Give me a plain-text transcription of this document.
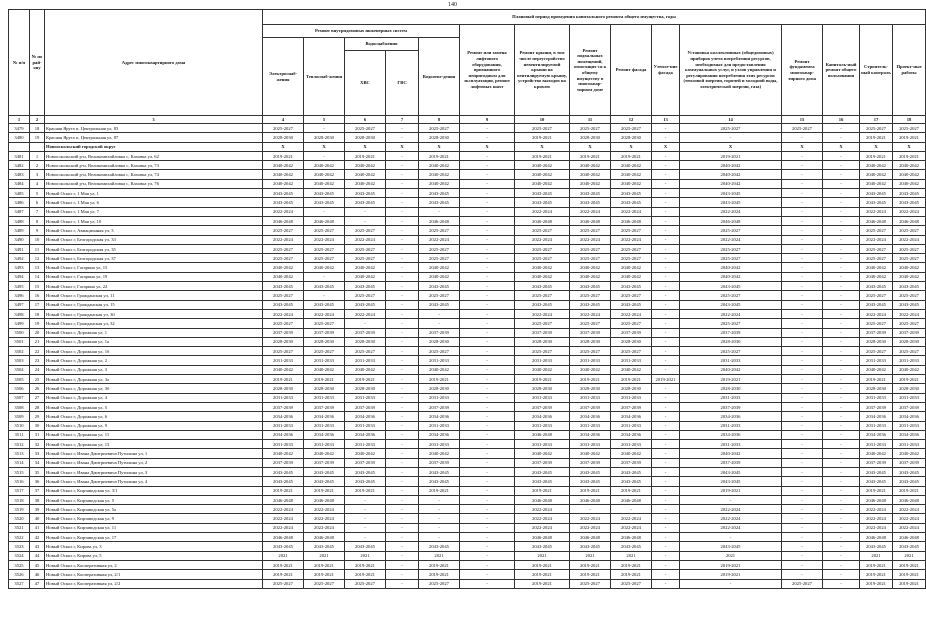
140
№ п/п	№ по рай-ону	Адрес многоквартирного дома	Плановый период проведения капитального ремонта общего имущества, годы														
			Ремонт внутридомовых инженерных систем					Ремонт или замена лифтового оборудования, признанного непригодным для эксплуатации, ремонт лифтовых шахт	Ремонт крыши, в том числе переустройство невентилируемой крыши на вентилируемую крышу, устройство выходов на кровлю	Ремонт подвальных помещений, относящих-ся к общему имуществу в многоквар-тирном доме	Ремонт фасада	Утепле-ние фасада	Установка коллективных (общедомовых) приборов учета потребления ресурсов, необходимых для предоставления коммунальных услуг, и узлов управления и регулирования потребления этих ресурсов (тепловой энергии, горячей и холодной воды, электрической энергии, газа)	Ремонт фундамента многоквар-тирного дома	Капиталь-ный ремонт общего пользования	Строитель-ный контроль	Проект-ные работы
			Электроснаб-жения	Теплоснаб-жения	Водоснабжения		Водоотве-дения										
					ХВС	ГВС											
1	2	3	4	5	6	7	8	9	10	11	12	13	14	15	16	17	18
3479	18	Красная Яруга п, Центральная ул, 83	2025-2027	-	2025-2027	-	2025-2027	-	2025-2027	2025-2027	2025-2027	-	2025-2027	2025-2027	-	2025-2027	2025-2027
3480	19	Красная Яруга п, Центральная ул, 87	2028-2030	2028-2030	2028-2030	-	2028-2030	-	2019-2021	2028-2030	2028-2030	-	-	-	-	2019-2021	2019-2021
		Новооскольский городской округ	X	X	X	X	X	X	X	X	X	X	X	X	X	X	X
3481	1	Новооскольский р-н, Великомихайловка с, Каховка ул, 62	2019-2021	-	2019-2021	-	2019-2021	-	2019-2021	2019-2021	2019-2021	-	2019-2021	-	-	2019-2021	2019-2021
3482	2	Новооскольский р-н, Великомихайловка с, Каховка ул, 73	2040-2042	2040-2042	2040-2042	-	2040-2042	-	2040-2042	2040-2042	2040-2042	-	2040-2042	-	-	2040-2042	2040-2042
3483	3	Новооскольский р-н, Великомихайловка с, Каховка ул, 74	2040-2042	2040-2042	2040-2042	-	2040-2042	-	2040-2042	2040-2042	2040-2042	-	2040-2042	-	-	2040-2042	2040-2042
3484	4	Новооскольский р-н, Великомихайловка с, Каховка ул, 76	2040-2042	2040-2042	2040-2042	-	2040-2042	-	2040-2042	2040-2042	2040-2042	-	2040-2042	-	-	2040-2042	2040-2042
3485	5	Новый Оскол г, 1 Мая ул, 1	2043-2045	2043-2045	2043-2045	-	2043-2045	-	2043-2045	2043-2045	2043-2045	-	2043-2045	-	-	2043-2045	2043-2045
3486	6	Новый Оскол г, 1 Мая ул, 6	2043-2045	2043-2045	2043-2045	-	2043-2045	-	2043-2045	2043-2045	2043-2045	-	2043-2045	-	-	2043-2045	2043-2045
3487	7	Новый Оскол г, 1 Мая ул, 7	2022-2024	-	-	-	-	-	2022-2024	2022-2024	2022-2024	-	2022-2024	-	-	2022-2024	2022-2024
3488	8	Новый Оскол г, 1 Мая ул, 10	2046-2048	2046-2048	-	-	2046-2048	-	2046-2048	2046-2048	2046-2048	-	2046-2048	-	-	2046-2048	2046-2048
3489	9	Новый Оскол г, Авиационная ул, 3	2025-2027	2025-2027	2025-2027	-	2025-2027	-	2025-2027	2025-2027	2025-2027	-	2025-2027	-	-	2025-2027	2025-2027
3490	10	Новый Оскол г, Белгородская ул, 33	2022-2024	2022-2024	2022-2024	-	2022-2024	-	2022-2024	2022-2024	2022-2024	-	2022-2024	-	-	2022-2024	2022-2024
3491	11	Новый Оскол г, Белгородская ул, 35	2025-2027	2025-2027	2025-2027	-	2025-2027	-	2025-2027	2025-2027	2025-2027	-	2025-2027	-	-	2025-2027	2025-2027
3492	12	Новый Оскол г, Белгородская ул, 37	2025-2027	2025-2027	2025-2027	-	2025-2027	-	2025-2027	2025-2027	2025-2027	-	2025-2027	-	-	2025-2027	2025-2027
3493	13	Новый Оскол г, Гагарина ул, 15	2040-2042	2040-2042	2040-2042	-	2040-2042	-	2040-2042	2040-2042	2040-2042	-	2040-2042	-	-	2040-2042	2040-2042
3494	14	Новый Оскол г, Гагарина ул, 19	2040-2042	-	2040-2042	-	2040-2042	-	2040-2042	2040-2042	2040-2042	-	2040-2042	-	-	2040-2042	2040-2042
3495	15	Новый Оскол г, Гагарина ул, 22	2043-2045	2043-2045	2043-2045	-	2043-2045	-	2043-2045	2043-2045	2043-2045	-	2043-2045	-	-	2043-2045	2043-2045
3496	16	Новый Оскол г, Гражданская ул, 11	2025-2027	-	2025-2027	-	2025-2027	-	2025-2027	2025-2027	2025-2027	-	2025-2027	-	-	2025-2027	2025-2027
3497	17	Новый Оскол г, Гражданская ул, 15	2043-2045	2043-2045	2043-2045	-	2043-2045	-	2043-2045	2043-2045	2043-2045	-	2043-2045	-	-	2043-2045	2043-2045
3498	18	Новый Оскол г, Гражданская ул, 30	2022-2024	2022-2024	2022-2024	-	-	-	2022-2024	2022-2024	2022-2024	-	2022-2024	-	-	2022-2024	2022-2024
3499	19	Новый Оскол г, Гражданская ул, 32	2025-2027	2025-2027	-	-	-	-	2025-2027	2025-2027	2025-2027	-	2025-2027	-	-	2025-2027	2025-2027
3500	20	Новый Оскол г, Дорожная ул, 1	2037-2039	2037-2039	2037-2039	-	2037-2039	-	2037-2039	2037-2039	2037-2039	-	2037-2039	-	-	2037-2039	2037-2039
3501	21	Новый Оскол г, Дорожная ул, 1а	2028-2030	2028-2030	2028-2030	-	2028-2030	-	2028-2030	2028-2030	2028-2030	-	2028-2030	-	-	2028-2030	2028-2030
3502	22	Новый Оскол г, Дорожная ул, 1б	2025-2027	2025-2027	2025-2027	-	2025-2027	-	2025-2027	2025-2027	2025-2027	-	2025-2027	-	-	2025-2027	2025-2027
3503	23	Новый Оскол г, Дорожная ул, 2	2031-2033	2031-2033	2031-2033	-	2031-2033	-	2031-2033	2031-2033	2031-2033	-	2031-2033	-	-	2031-2033	2031-2033
3504	24	Новый Оскол г, Дорожная ул, 3	2040-2042	2040-2042	2040-2042	-	2040-2042	-	2040-2042	2040-2042	2040-2042	-	2040-2042	-	-	2040-2042	2040-2042
3505	25	Новый Оскол г, Дорожная ул, 3а	2019-2021	2019-2021	2019-2021	-	2019-2021	-	2019-2021	2019-2021	2019-2021	2019-2021	2019-2021	-	-	2019-2021	2019-2021
3506	26	Новый Оскол г, Дорожная ул, 3б	2028-2030	2028-2030	2028-2030	-	2028-2030	-	2028-2030	2028-2030	2028-2030	-	2028-2030	-	-	2028-2030	2028-2030
3507	27	Новый Оскол г, Дорожная ул, 4	2031-2033	2031-2033	2031-2033	-	2031-2033	-	2031-2033	2031-2033	2031-2033	-	2031-2033	-	-	2031-2033	2031-2033
3508	28	Новый Оскол г, Дорожная ул, 5	2037-2039	2037-2039	2037-2039	-	2037-2039	-	2037-2039	2037-2039	2037-2039	-	2037-2039	-	-	2037-2039	2037-2039
3509	29	Новый Оскол г, Дорожная ул, 6	2034-2036	2034-2036	2034-2036	-	2034-2036	-	2034-2036	2034-2036	2034-2036	-	2034-2036	-	-	2034-2036	2034-2036
3510	30	Новый Оскол г, Дорожная ул, 9	2031-2033	2031-2033	2031-2033	-	2031-2033	-	2031-2033	2031-2033	2031-2033	-	2031-2033	-	-	2031-2033	2031-2033
3511	31	Новый Оскол г, Дорожная ул, 11	2034-2036	2034-2036	2034-2036	-	2034-2036	-	2046-2048	2034-2036	2034-2036	-	2034-2036	-	-	2034-2036	2034-2036
3512	32	Новый Оскол г, Дорожная ул, 13	2031-2033	2031-2033	2031-2033	-	2031-2033	-	2031-2033	2031-2033	2031-2033	-	2031-2033	-	-	2031-2033	2031-2033
3513	33	Новый Оскол г, Ивана Дмитриевича Путилина ул, 1	2040-2042	2040-2042	2040-2042	-	2040-2042	-	2040-2042	2040-2042	2040-2042	-	2040-2042	-	-	2040-2042	2040-2042
3514	34	Новый Оскол г, Ивана Дмитриевича Путилина ул, 2	2037-2039	2037-2039	2037-2039	-	2037-2039	-	2037-2039	2037-2039	2037-2039	-	2037-2039	-	-	2037-2039	2037-2039
3515	35	Новый Оскол г, Ивана Дмитриевича Путилина ул, 3	2043-2045	2043-2045	2043-2045	-	2043-2045	-	2043-2045	2043-2045	2043-2045	-	2043-2045	-	-	2043-2045	2043-2045
3516	36	Новый Оскол г, Ивана Дмитриевича Путилина ул, 4	2043-2045	2043-2045	2043-2045	-	2043-2045	-	2043-2045	2043-2045	2043-2045	-	2043-2045	-	-	2043-2045	2043-2045
3517	37	Новый Оскол г, Кирзаводская ул, 3/1	2019-2021	2019-2021	2019-2021	-	2019-2021	-	2019-2021	2019-2021	2019-2021	-	2019-2021	-	-	2019-2021	2019-2021
3518	38	Новый Оскол г, Кирзаводская ул, 5	2046-2048	2046-2048	-	-	-	-	2046-2048	2046-2048	2046-2048	-	-	-	-	2046-2048	2046-2048
3519	39	Новый Оскол г, Кирзаводская ул, 5а	2022-2024	2022-2024	-	-	-	-	2022-2024	-	-	-	2022-2024	-	-	2022-2024	2022-2024
3520	40	Новый Оскол г, Кирзаводская ул, 9	2022-2024	2022-2024	-	-	-	-	2022-2024	2022-2024	2022-2024	-	2022-2024	-	-	2022-2024	2022-2024
3521	41	Новый Оскол г, Кирзаводская ул, 11	2022-2024	2022-2024	-	-	-	-	2022-2024	2022-2024	2022-2024	-	2022-2024	-	-	2022-2024	2022-2024
3522	42	Новый Оскол г, Кирзаводская ул, 17	2046-2048	2046-2048	-	-	-	-	2046-2048	2046-2048	2046-2048	-	-	-	-	2046-2048	2046-2048
3523	43	Новый Оскол г, Кирова ул, 3	2043-2045	2043-2045	2043-2045	-	2043-2045	-	2043-2045	2043-2045	2043-2045	-	2043-2045	-	-	2043-2045	2043-2045
3524	44	Новый Оскол г, Кирова ул, 5	2021	2021	2021	-	2021	-	2021	2021	2021	-	2021	-	-	2021	2021
3525	45	Новый Оскол г, Кооперативная ул, 2	2019-2021	2019-2021	2019-2021	-	2019-2021	-	2019-2021	2019-2021	2019-2021	-	2019-2021	-	-	2019-2021	2019-2021
3526	46	Новый Оскол г, Кооперативная ул, 2/1	2019-2021	2019-2021	2019-2021	-	2019-2021	-	2019-2021	2019-2021	2019-2021	-	2019-2021	-	-	2019-2021	2019-2021
3527	47	Новый Оскол г, Кооперативная ул, 2/2	2025-2027	2025-2027	2025-2027	-	2025-2027	-	2019-2021	2025-2027	2025-2027	-	-	2025-2027	-	2019-2021	2019-2021
